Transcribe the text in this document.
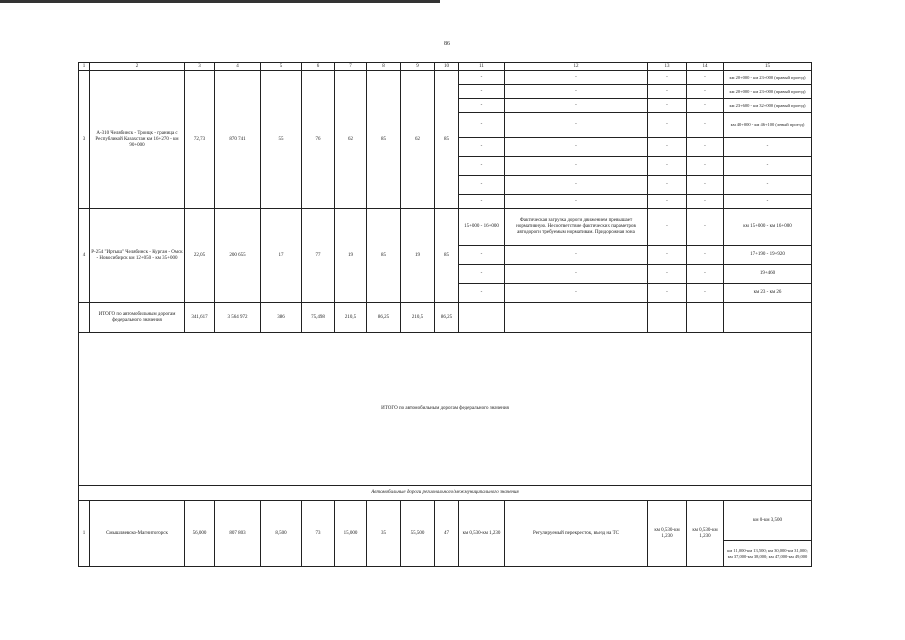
86
1	2	3	4	5	6	7	8	9	10	11	12	13	14	15
3	А-310 Челябинск - Троицк - граница с Республикой Казахстан км 16+270 - км 90+000	72,73	870 741	55	76	62	85	62	85	-	-	-	-	км 20+000 - км 23+000 (правый проезд)
										-	-	-	-	км 20+000 - км 23+000 (правый проезд)
										-	-	-	-	км 23+600 - км 32+000 (правый проезд)
										-	-	-	-	км 40+000 - км 46+100 (левый проезд)
										-	-	-	-	-
										-	-	-	-	-
										-	-	-	-	-
										-	-	-	-	-
4	Р-254 "Иртыш" Челябинск - Курган - Омск - Новосибирск км 12+050 - км 35+000	22,05	200 655	17	77	19	85	19	85	15+000 - 16+000	Фактическая загрузка дороги движением превышает нормативную. Несоответствие фактических параметров автодороги требуемым нормативам. Придорожная зона	-	-	км 15+000 - км 16+000
										-	-	-	-	17+190 - 19+920
										-	-	-	-	19+460
										-	-	-	-	км 23 - км 26
	ИТОГО по автомобильным дорогам федерального значения	341,617	3 564 972	386	75,498	210,5	86,25	210,5	86,25					
ИТОГО по автомобильным дорогам федерального значения														
Автомобильные дороги регионального/межмуниципального значения														
1	Смышляевско-Магнитогорск	56,000	807 803	8,500	73	15,000	35	55,500	47	км 0,530-км 1,230	Регулируемый перекресток, въезд на ТС	км 0,530-км 1,230	км 0,530-км 1,230	км 0-км 3,500
														км 11,000-км 13,500; км 30,000-км 31,000; км 37,000-км 38,000; км 47,000-км 49,000
